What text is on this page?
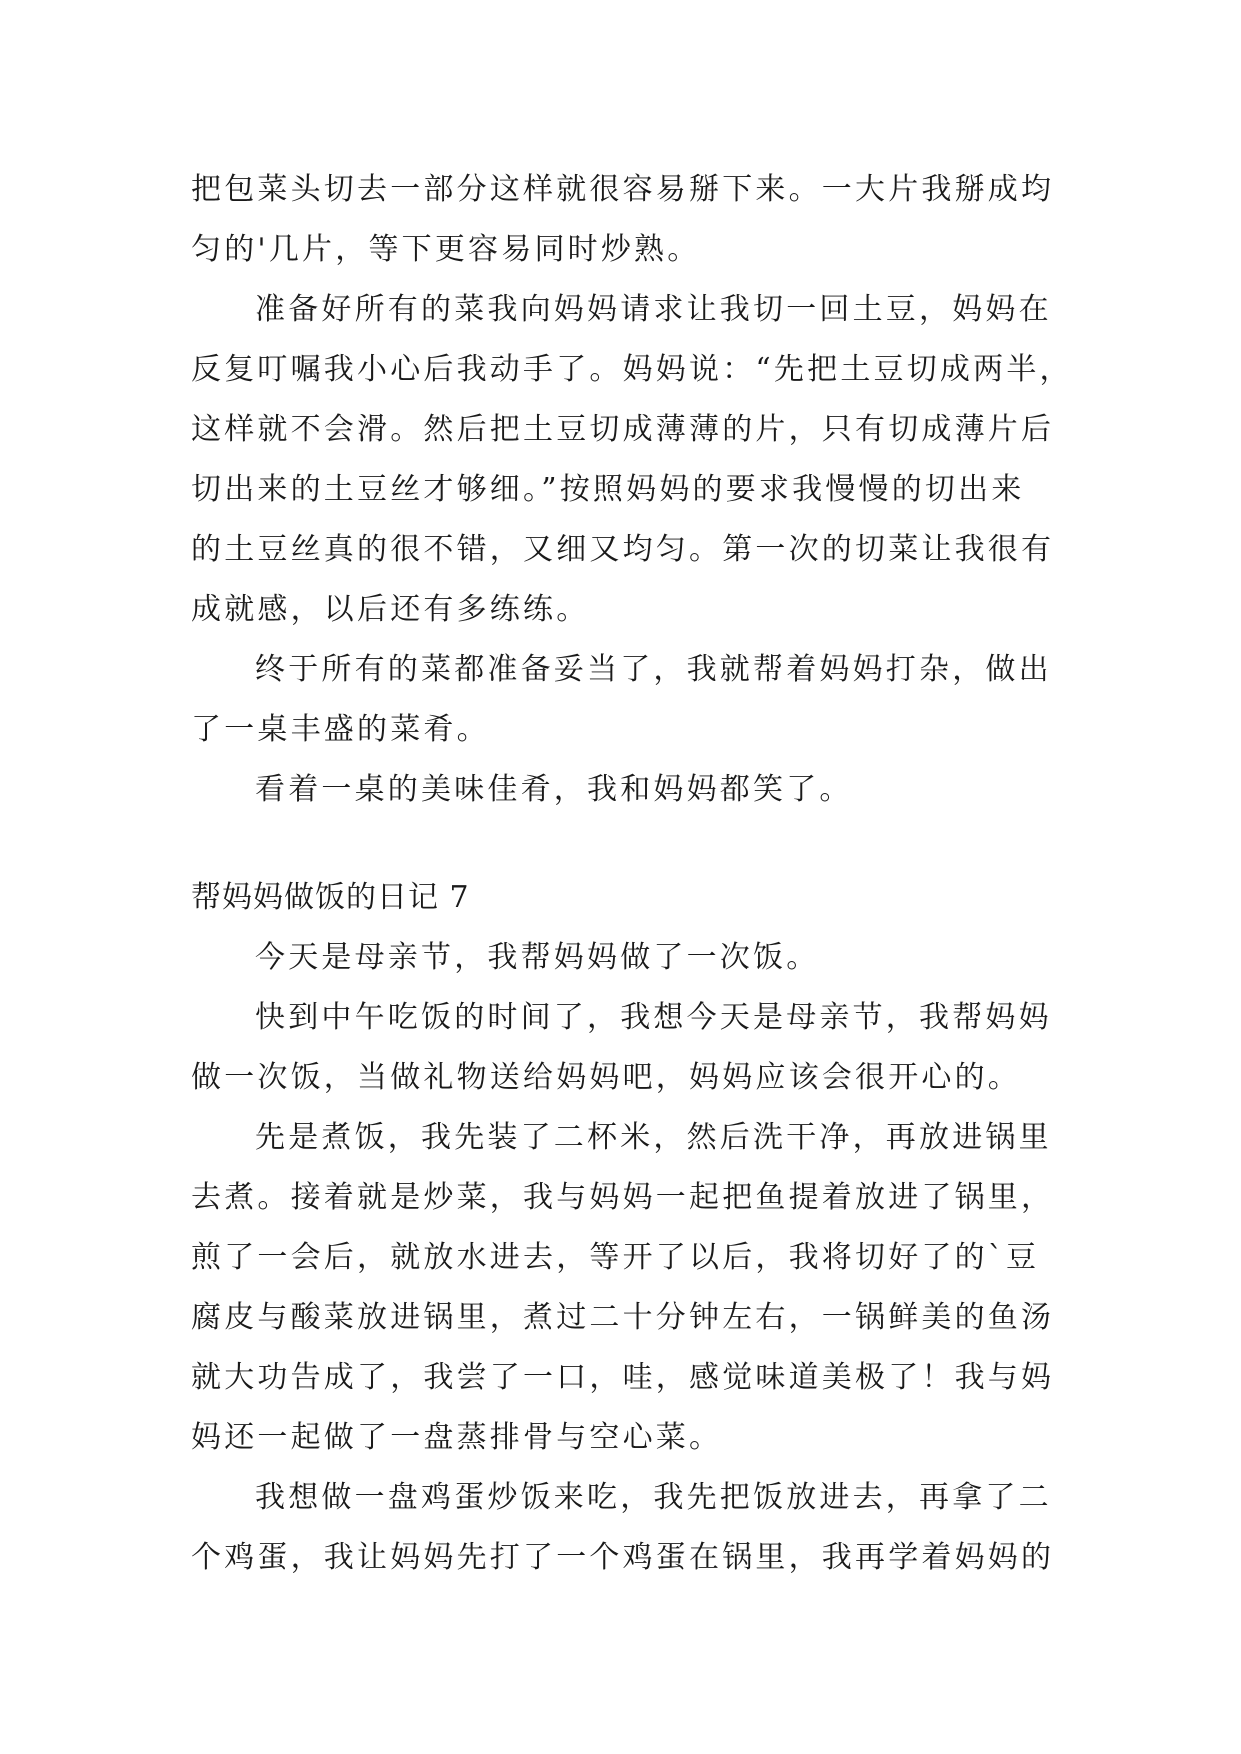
把包菜头切去一部分这样就很容易掰下来。一大片我掰成均
匀的'几片，等下更容易同时炒熟。
准备好所有的菜我向妈妈请求让我切一回土豆，妈妈在
反复叮嘱我小心后我动手了。妈妈说：“先把土豆切成两半，
这样就不会滑。然后把土豆切成薄薄的片，只有切成薄片后
切出来的土豆丝才够细。”按照妈妈的要求我慢慢的切出来
的土豆丝真的很不错，又细又均匀。第一次的切菜让我很有
成就感，以后还有多练练。
终于所有的菜都准备妥当了，我就帮着妈妈打杂，做出
了一桌丰盛的菜肴。
看着一桌的美味佳肴，我和妈妈都笑了。
帮妈妈做饭的日记 7
今天是母亲节，我帮妈妈做了一次饭。
快到中午吃饭的时间了，我想今天是母亲节，我帮妈妈
做一次饭，当做礼物送给妈妈吧，妈妈应该会很开心的。
先是煮饭，我先装了二杯米，然后洗干净，再放进锅里
去煮。接着就是炒菜，我与妈妈一起把鱼提着放进了锅里，
煎了一会后，就放水进去，等开了以后，我将切好了的`豆
腐皮与酸菜放进锅里，煮过二十分钟左右，一锅鲜美的鱼汤
就大功告成了，我尝了一口，哇，感觉味道美极了！我与妈
妈还一起做了一盘蒸排骨与空心菜。
我想做一盘鸡蛋炒饭来吃，我先把饭放进去，再拿了二
个鸡蛋，我让妈妈先打了一个鸡蛋在锅里，我再学着妈妈的
